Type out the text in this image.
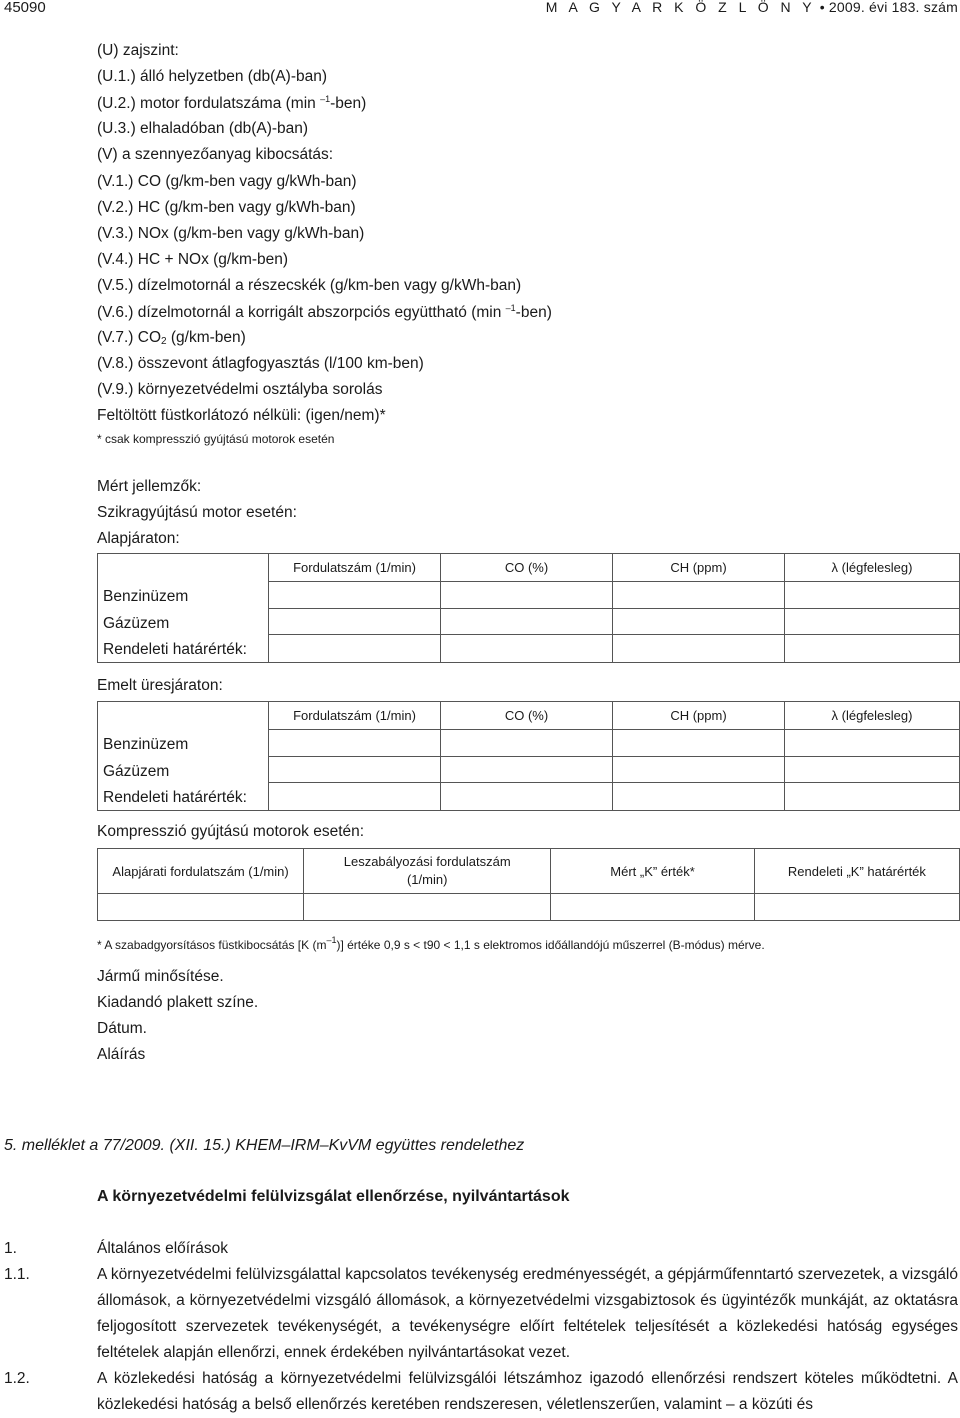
45090	M A G Y A R K Ö Z L Ö N Y • 2009. évi 183. szám
(U) zajszint:
(U.1.) álló helyzetben (db(A)-ban)
(U.2.) motor fordulatszáma (min $^{-1}$-ben)
(U.3.) elhaladóban (db(A)-ban)
(V) a szennyezőanyag kibocsátás:
(V.1.) CO (g/km-ben vagy g/kWh-ban)
(V.2.) HC (g/km-ben vagy g/kWh-ban)
(V.3.) NOx (g/km-ben vagy g/kWh-ban)
(V.4.) HC + NOx (g/km-ben)
(V.5.) dízelmotornál a részecskék (g/km-ben vagy g/kWh-ban)
(V.6.) dízelmotornál a korrigált abszorpciós együttható (min $^{-1}$-ben)
(V.7.) $CO_2$ (g/km-ben)
(V.8.) összevont átlagfogyasztás (l/100 km-ben)
(V.9.) környezetvédelmi osztályba sorolás
Feltöltött füstkorlátozó nélküli: (igen/nem)*
* csak kompresszió gyújtású motorok esetén
Mért jellemzők:
Szikragyújtású motor esetén:
Alapjáraton:
	Fordulatszám (1/min)	CO (%)	CH (ppm)	λ (légfelesleg)

Benzinüzem
Gázüzem
Rendeleti határérték:
Emelt üresjáraton:
	Fordulatszám (1/min)	CO (%)	CH (ppm)	λ (légfelesleg)

Benzinüzem
Gázüzem
Rendeleti határérték:
Kompresszió gyújtású motorok esetén:
Alapjárati fordulatszám (1/min)	Leszabályozási fordulatszám (1/min)	Mért „K” érték*	Rendeleti „K” határérték

* A szabadgyorsításos füstkibocsátás [K $(m^{-1})$] értéke 0,9 s < t90 < 1,1 s elektromos időállandójú műszerrel (B-módus) mérve.
Jármű minősítése.
Kiadandó plakett színe.
Dátum.
Aláírás
5. melléklet a 77/2009. (XII. 15.) KHEM–IRM–KvVM együttes rendelethez
A környezetvédelmi felülvizsgálat ellenőrzése, nyilvántartások
1.	Általános előírások
1.1.	A környezetvédelmi felülvizsgálattal kapcsolatos tevékenység eredményességét, a gépjárműfenntartó szervezetek, a vizsgáló állomások, a környezetvédelmi vizsgáló állomások, a környezetvédelmi vizsgabiztosok és ügyintézők munkáját, az oktatásra feljogosított szervezetek tevékenységét, a tevékenységre előírt feltételek teljesítését a közlekedési hatóság egységes feltételek alapján ellenőrzi, ennek érdekében nyilvántartásokat vezet.
1.2.	A közlekedési hatóság a környezetvédelmi felülvizsgálói létszámhoz igazodó ellenőrzési rendszert köteles működtetni. A közlekedési hatóság a belső ellenőrzés keretében rendszeresen, véletlenszerűen, valamint – a közúti és
